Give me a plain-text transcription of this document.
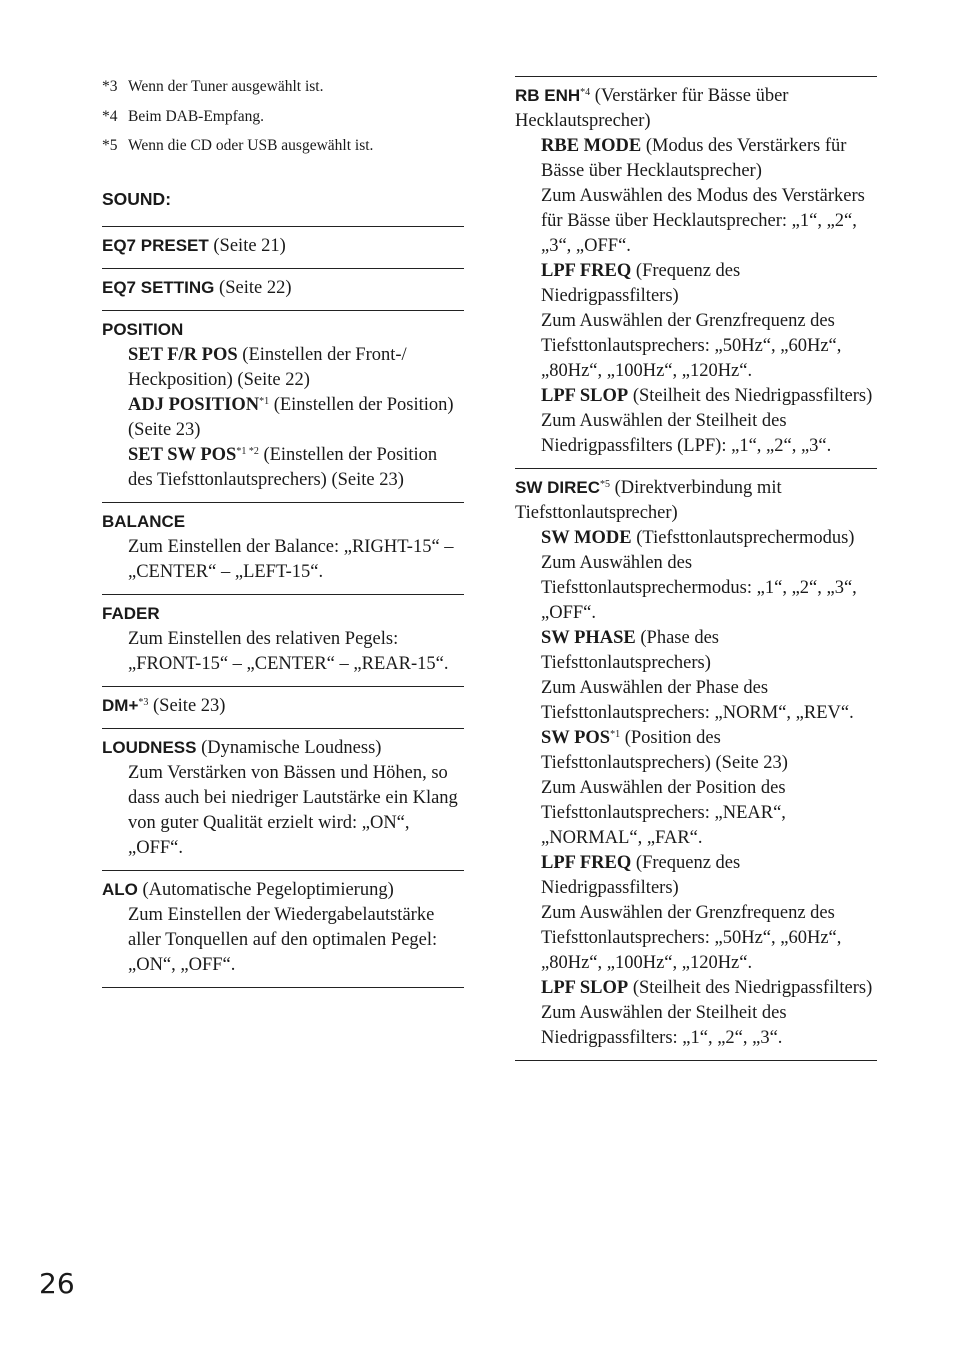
*3 Wenn der Tuner ausgewählt ist.
*4 Beim DAB-Empfang.
*5 Wenn die CD oder USB ausgewählt ist.
SOUND:
EQ7 PRESET (Seite 21)
EQ7 SETTING (Seite 22)
POSITION
SET F/R POS (Einstellen der Front-/ Heckposition) (Seite 22)
ADJ POSITION$^{*1}$ (Einstellen der Position) (Seite 23)
SET SW $POS^{*1 *2}$ (Einstellen der Position des Tiefsttonlautsprechers) (Seite 23)
BALANCE
Zum Einstellen der Balance: „RIGHT-15“ – „CENTER“ – „LEFT-15“.
FADER
Zum Einstellen des relativen Pegels: „FRONT-15“ – „CENTER“ – „REAR-15“.
DM+$^{*3}$ (Seite 23)
LOUDNESS (Dynamische Loudness)
Zum Verstärken von Bässen und Höhen, so dass auch bei niedriger Lautstärke ein Klang von guter Qualität erzielt wird: „ON“, „OFF“.
ALO (Automatische Pegeloptimierung)
Zum Einstellen der Wiedergabelautstärke aller Tonquellen auf den optimalen Pegel: „ON“, „OFF“.
RB ENH$^{*4}$ (Verstärker für Bässe über Hecklautsprecher)
RBE MODE (Modus des Verstärkers für Bässe über Hecklautsprecher)
Zum Auswählen des Modus des Verstärkers für Bässe über Hecklautsprecher: „1“, „2“, „3“, „OFF“.
LPF FREQ (Frequenz des Niedrigpassfilters)
Zum Auswählen der Grenzfrequenz des Tiefsttonlautsprechers: „50Hz“, „60Hz“, „80Hz“, „100Hz“, „120Hz“.
LPF SLOP (Steilheit des Niedrigpassfilters)
Zum Auswählen der Steilheit des Niedrigpassfilters (LPF): „1“, „2“, „3“.
SW DIREC$^{*5}$ (Direktverbindung mit Tiefsttonlautsprecher)
SW MODE (Tiefsttonlautsprechermodus)
Zum Auswählen des Tiefsttonlautsprechermodus: „1“, „2“, „3“, „OFF“.
SW PHASE (Phase des Tiefsttonlautsprechers)
Zum Auswählen der Phase des Tiefsttonlautsprechers: „NORM“, „REV“.
SW POS$^{*1}$ (Position des Tiefsttonlautsprechers) (Seite 23)
Zum Auswählen der Position des Tiefsttonlautsprechers: „NEAR“, „NORMAL“, „FAR“.
LPF FREQ (Frequenz des Niedrigpassfilters)
Zum Auswählen der Grenzfrequenz des Tiefsttonlautsprechers: „50Hz“, „60Hz“, „80Hz“, „100Hz“, „120Hz“.
LPF SLOP (Steilheit des Niedrigpassfilters)
Zum Auswählen der Steilheit des Niedrigpassfilters: „1“, „2“, „3“.
26
